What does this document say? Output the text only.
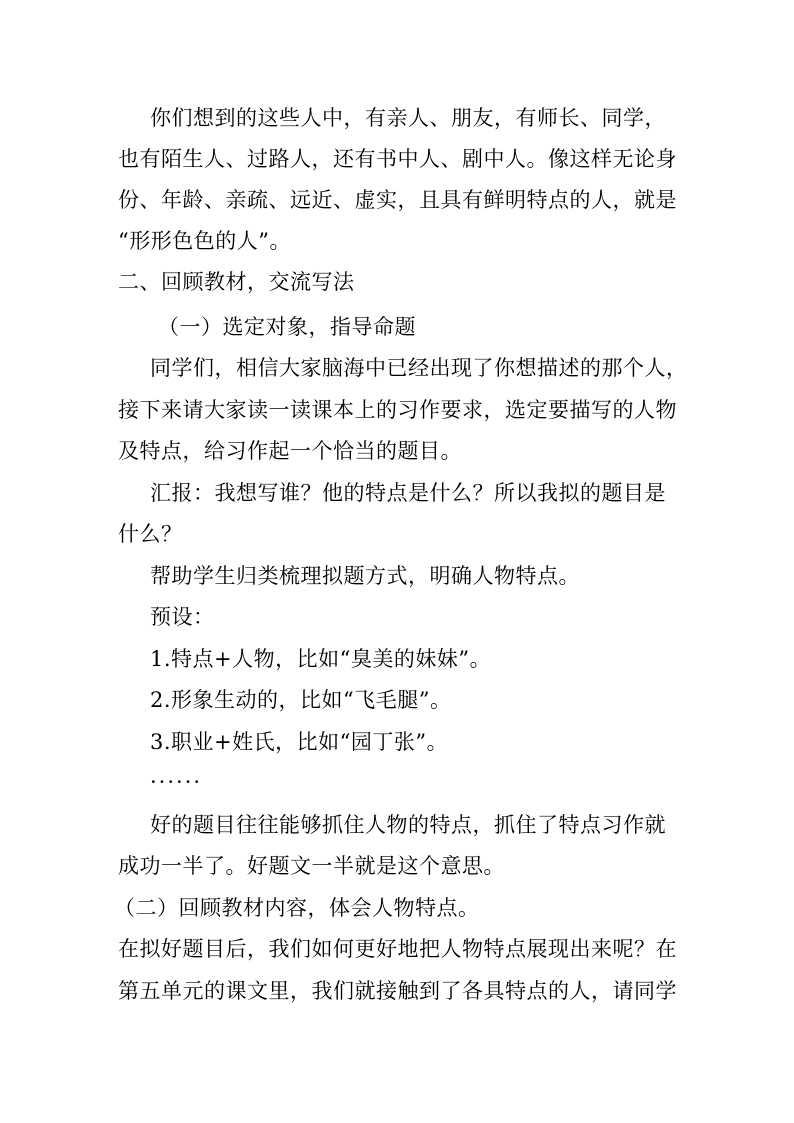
你们想到的这些人中，有亲人、朋友，有师长、同学，
也有陌生人、过路人，还有书中人、剧中人。像这样无论身
份、年龄、亲疏、远近、虚实，且具有鲜明特点的人，就是
“形形色色的人”。
二、回顾教材，交流写法
（一）选定对象，指导命题
同学们，相信大家脑海中已经出现了你想描述的那个人，
接下来请大家读一读课本上的习作要求，选定要描写的人物
及特点，给习作起一个恰当的题目。
汇报：我想写谁？他的特点是什么？所以我拟的题目是
什么？
帮助学生归类梳理拟题方式，明确人物特点。
预设：
1.特点+人物，比如“臭美的妹妹”。
2.形象生动的，比如“飞毛腿”。
3.职业+姓氏，比如“园丁张”。
······
好的题目往往能够抓住人物的特点，抓住了特点习作就
成功一半了。好题文一半就是这个意思。
（二）回顾教材内容，体会人物特点。
在拟好题目后，我们如何更好地把人物特点展现出来呢？在
第五单元的课文里，我们就接触到了各具特点的人，请同学
